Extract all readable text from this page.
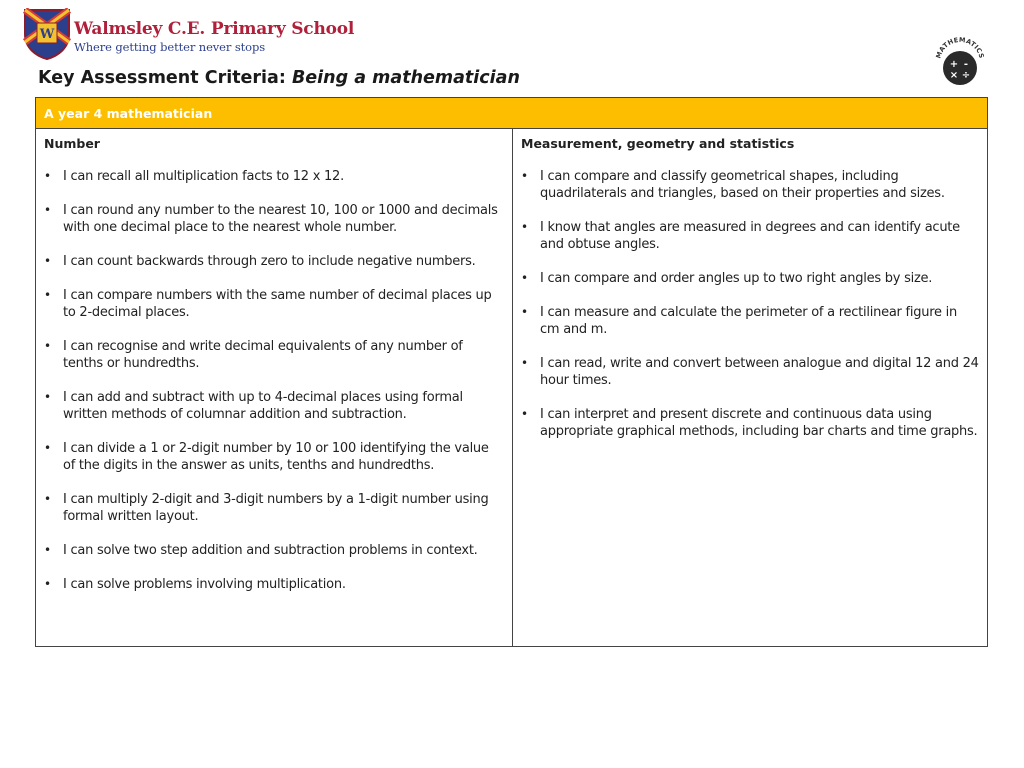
W Walmsley C.E. Primary School
Where getting better never stops
MATHEMATICS
+ -
× ÷
Key Assessment Criteria: Being a mathematician
A year 4 mathematician
Number
• I can recall all multiplication facts to 12 x 12.
• I can round any number to the nearest 10, 100 or 1000 and decimals with one decimal place to the nearest whole number.
• I can count backwards through zero to include negative numbers.
• I can compare numbers with the same number of decimal places up to 2-decimal places.
• I can recognise and write decimal equivalents of any number of tenths or hundredths.
• I can add and subtract with up to 4-decimal places using formal written methods of columnar addition and subtraction.
• I can divide a 1 or 2-digit number by 10 or 100 identifying the value of the digits in the answer as units, tenths and hundredths.
• I can multiply 2-digit and 3-digit numbers by a 1-digit number using formal written layout.
• I can solve two step addition and subtraction problems in context.
• I can solve problems involving multiplication.
Measurement, geometry and statistics
• I can compare and classify geometrical shapes, including quadrilaterals and triangles, based on their properties and sizes.
• I know that angles are measured in degrees and can identify acute and obtuse angles.
• I can compare and order angles up to two right angles by size.
• I can measure and calculate the perimeter of a rectilinear figure in cm and m.
• I can read, write and convert between analogue and digital 12 and 24 hour times.
• I can interpret and present discrete and continuous data using appropriate graphical methods, including bar charts and time graphs.
